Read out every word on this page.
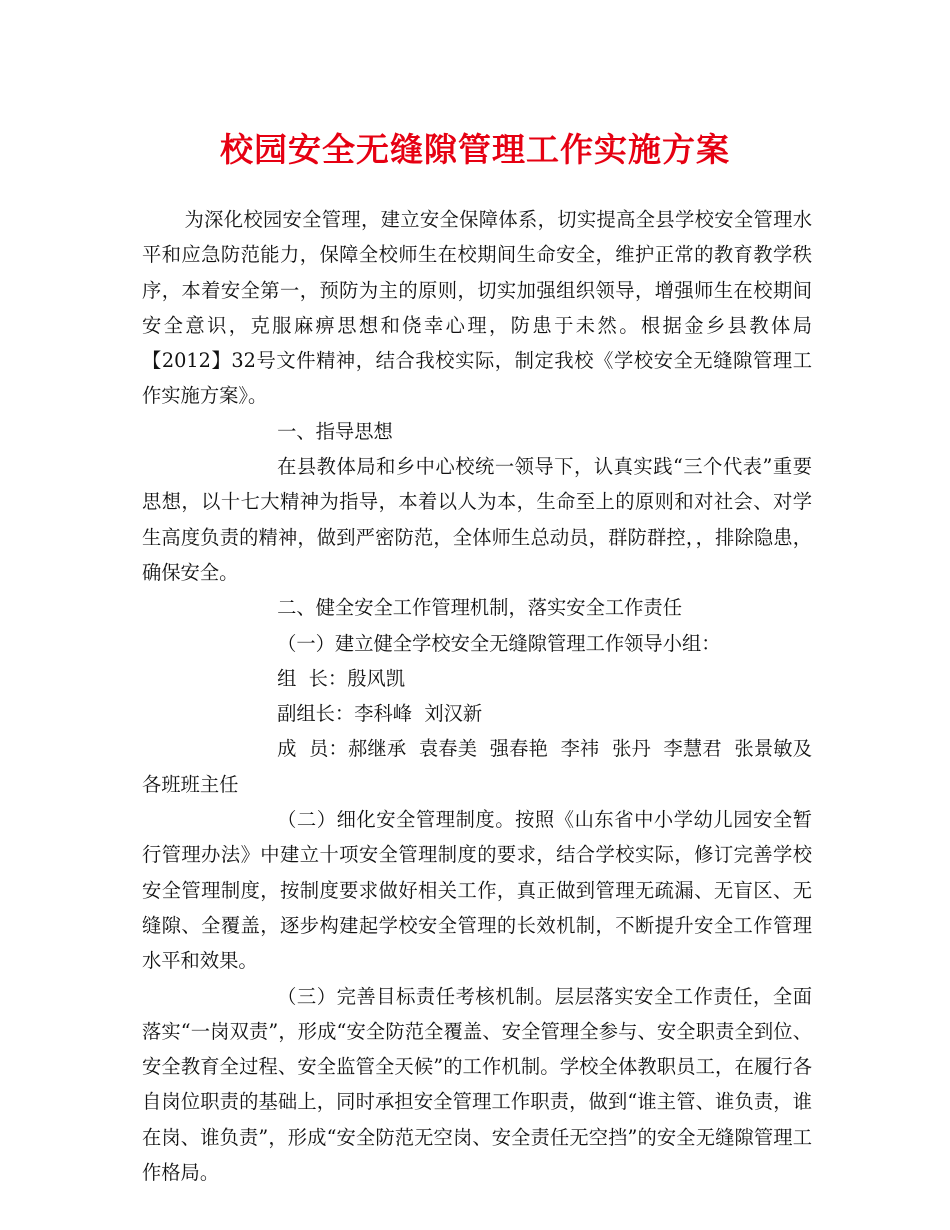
校园安全无缝隙管理工作实施方案

为深化校园安全管理，建立安全保障体系，切实提高全县学校安全管理水平和应急防范能力，保障全校师生在校期间生命安全，维护正常的教育教学秩序，本着安全第一，预防为主的原则，切实加强组织领导，增强师生在校期间安全意识，克服麻痹思想和侥幸心理，防患于未然。根据金乡县教体局【2012】32号文件精神，结合我校实际，制定我校《学校安全无缝隙管理工作实施方案》。

一、指导思想

在县教体局和乡中心校统一领导下，认真实践“三个代表”重要思想，以十七大精神为指导，本着以人为本，生命至上的原则和对社会、对学生高度负责的精神，做到严密防范，全体师生总动员，群防群控，，排除隐患，确保安全。

二、健全安全工作管理机制，落实安全工作责任

（一）建立健全学校安全无缝隙管理工作领导小组：

组  长：殷风凯

副组长：李科峰  刘汉新

成  员：郝继承  袁春美  强春艳  李祎  张丹  李慧君  张景敏及各班班主任

（二）细化安全管理制度。按照《山东省中小学幼儿园安全暂行管理办法》中建立十项安全管理制度的要求，结合学校实际，修订完善学校安全管理制度，按制度要求做好相关工作，真正做到管理无疏漏、无盲区、无缝隙、全覆盖，逐步构建起学校安全管理的长效机制，不断提升安全工作管理水平和效果。

（三）完善目标责任考核机制。层层落实安全工作责任，全面落实“一岗双责”，形成“安全防范全覆盖、安全管理全参与、安全职责全到位、安全教育全过程、安全监管全天候”的工作机制。学校全体教职员工，在履行各自岗位职责的基础上，同时承担安全管理工作职责，做到“谁主管、谁负责，谁在岗、谁负责”，形成“安全防范无空岗、安全责任无空挡”的安全无缝隙管理工作格局。
